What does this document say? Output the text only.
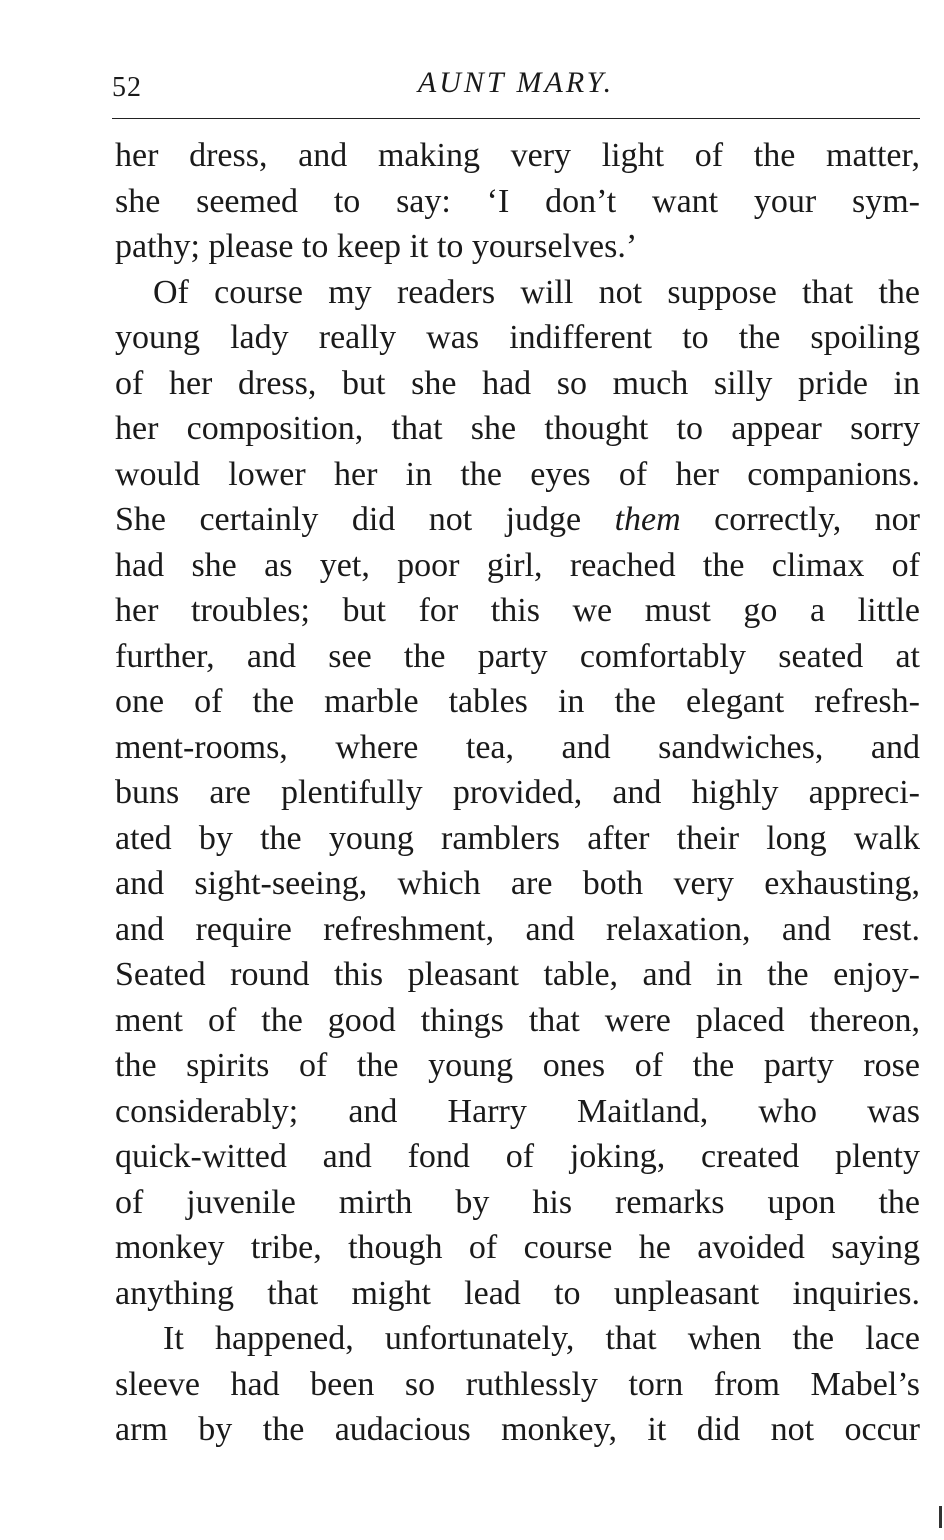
52	AUNT MARY.
her dress, and making very light of the matter,
she seemed to say: ‘I don’t want your sym-
pathy; please to keep it to yourselves.’
Of course my readers will not suppose that the
young lady really was indifferent to the spoiling
of her dress, but she had so much silly pride in
her composition, that she thought to appear sorry
would lower her in the eyes of her companions.
She certainly did not judge them correctly, nor
had she as yet, poor girl, reached the climax of
her troubles; but for this we must go a little
further, and see the party comfortably seated at
one of the marble tables in the elegant refresh-
ment-rooms, where tea, and sandwiches, and
buns are plentifully provided, and highly appreci-
ated by the young ramblers after their long walk
and sight-seeing, which are both very exhausting,
and require refreshment, and relaxation, and rest.
Seated round this pleasant table, and in the enjoy-
ment of the good things that were placed thereon,
the spirits of the young ones of the party rose
considerably; and Harry Maitland, who was
quick-witted and fond of joking, created plenty
of juvenile mirth by his remarks upon the
monkey tribe, though of course he avoided saying
anything that might lead to unpleasant inquiries.
It happened, unfortunately, that when the lace
sleeve had been so ruthlessly torn from Mabel’s
arm by the audacious monkey, it did not occur
